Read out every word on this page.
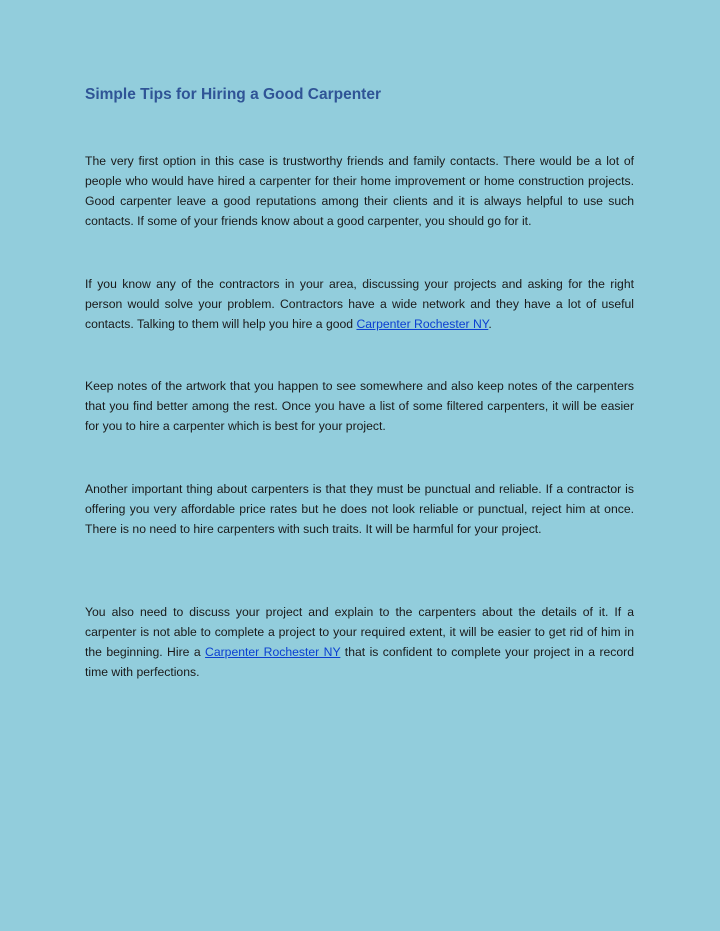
Simple Tips for Hiring a Good Carpenter

The very first option in this case is trustworthy friends and family contacts. There would be a lot of people who would have hired a carpenter for their home improvement or home construction projects. Good carpenter leave a good reputations among their clients and it is always helpful to use such contacts. If some of your friends know about a good carpenter, you should go for it.

If you know any of the contractors in your area, discussing your projects and asking for the right person would solve your problem. Contractors have a wide network and they have a lot of useful contacts. Talking to them will help you hire a good Carpenter Rochester NY.

Keep notes of the artwork that you happen to see somewhere and also keep notes of the carpenters that you find better among the rest. Once you have a list of some filtered carpenters, it will be easier for you to hire a carpenter which is best for your project.

Another important thing about carpenters is that they must be punctual and reliable. If a contractor is offering you very affordable price rates but he does not look reliable or punctual, reject him at once. There is no need to hire carpenters with such traits. It will be harmful for your project.

You also need to discuss your project and explain to the carpenters about the details of it. If a carpenter is not able to complete a project to your required extent, it will be easier to get rid of him in the beginning. Hire a Carpenter Rochester NY that is confident to complete your project in a record time with perfections.
